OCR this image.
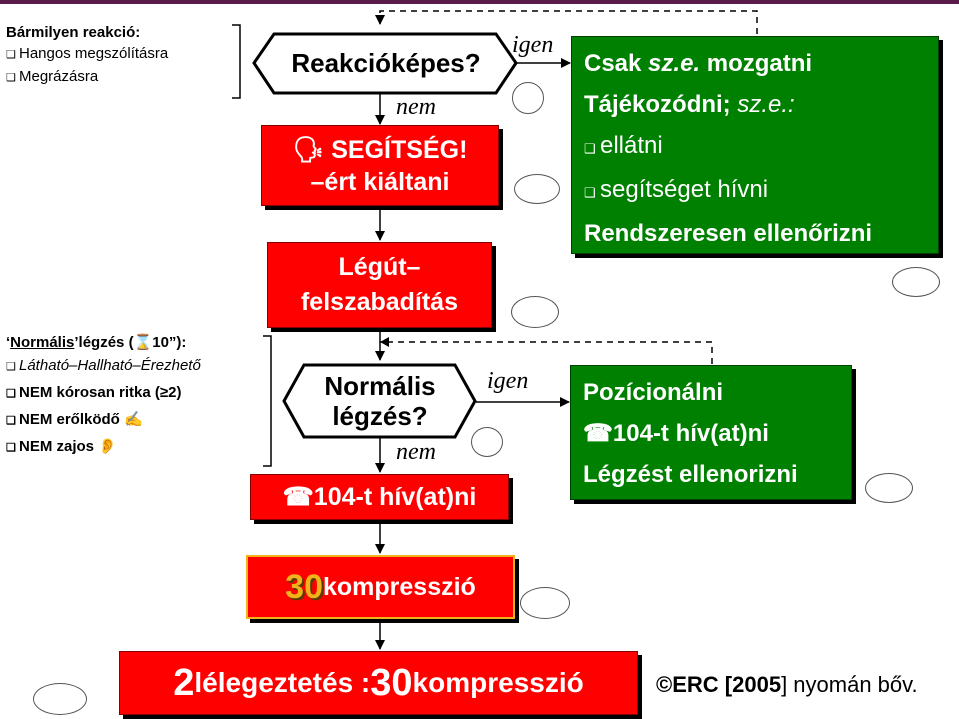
Bármilyen reakció:
❑ Hangos megszólításra
❑ Megrázásra
‘Normális’légzés (⌛10”):
❑ Látható–Hallható–Érezhető
❑ NEM kórosan ritka (≥2)
❑ NEM erőlködő ✍
❑ NEM zajos 👂
Reakcióképes?
Normális
légzés?
igen
nem
igen
nem
🗣 SEGÍTSÉG!
–ért kiáltani
Légút–
felszabadítás
☎104-t hív(at)ni
30 kompresszió
2 lélegeztetés : 30 kompresszió
Csak sz.e. mozgatni
Tájékozódni; sz.e.:
❑ ellátni
❑ segítséget hívni
Rendszeresen ellenőrizni
Pozícionálni
☎104-t hív(at)ni
Légzést ellenorizni
©ERC [2005] nyomán bőv.
